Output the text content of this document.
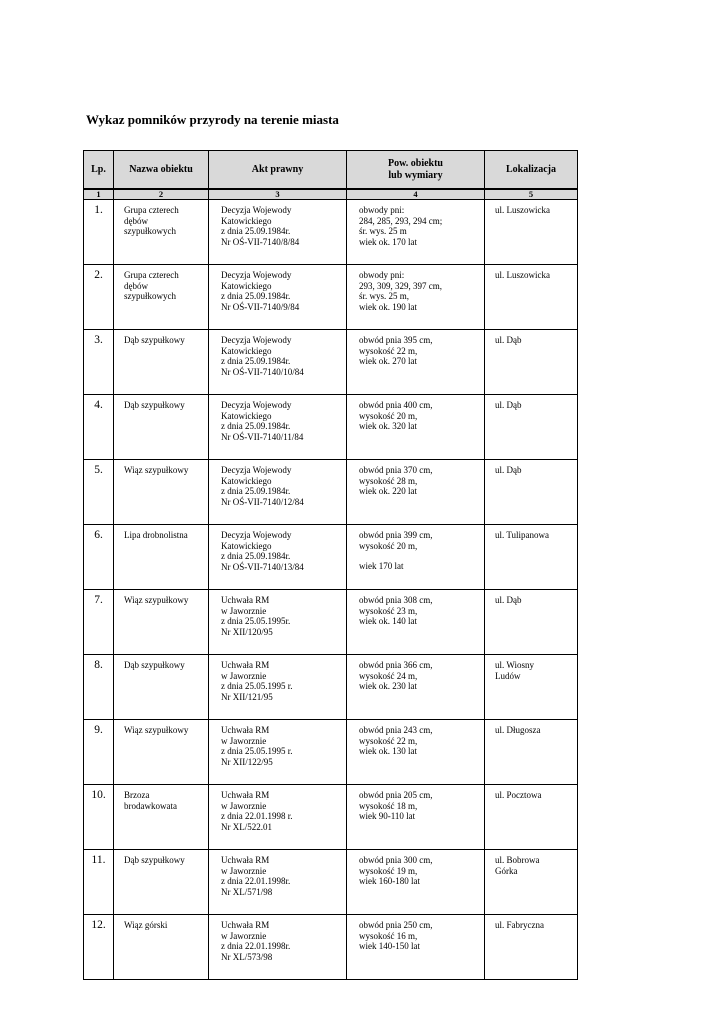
Wykaz pomników przyrody na terenie miasta
Lp.	Nazwa obiektu	Akt prawny	Pow. obiektu
lub wymiary	Lokalizacja
1	2	3	4	5
1.	Grupa czterech
dębów
szypułkowych	Decyzja Wojewody
Katowickiego
z dnia 25.09.1984r.
Nr OŚ-VII-7140/8/84	obwody pni:
284, 285, 293, 294 cm;
śr. wys. 25 m
wiek ok. 170 lat	ul. Luszowicka

2.	Grupa czterech
dębów
szypułkowych	Decyzja Wojewody
Katowickiego
z dnia 25.09.1984r.
Nr OŚ-VII-7140/9/84	obwody pni:
293, 309, 329, 397 cm,
śr. wys. 25 m,
wiek ok. 190 lat	ul. Luszowicka

3.	Dąb szypułkowy	Decyzja Wojewody
Katowickiego
z dnia 25.09.1984r.
Nr OŚ-VII-7140/10/84	obwód pnia 395 cm,
wysokość 22 m,
wiek ok. 270 lat	ul. Dąb

4.	Dąb szypułkowy	Decyzja Wojewody
Katowickiego
z dnia 25.09.1984r.
Nr OŚ-VII-7140/11/84	obwód pnia 400 cm,
wysokość 20 m,
wiek ok. 320 lat	ul. Dąb

5.	Wiąz szypułkowy	Decyzja Wojewody
Katowickiego
z dnia 25.09.1984r.
Nr OŚ-VII-7140/12/84	obwód pnia 370 cm,
wysokość 28 m,
wiek ok. 220 lat	ul. Dąb

6.	Lipa drobnolistna	Decyzja Wojewody
Katowickiego
z dnia 25.09.1984r.
Nr OŚ-VII-7140/13/84	obwód pnia 399 cm,
wysokość 20 m,
wiek 170 lat	ul. Tulipanowa

7.	Wiąz szypułkowy	Uchwała RM
w Jaworznie
z dnia 25.05.1995r.
Nr XII/120/95	obwód pnia 308 cm,
wysokość 23 m,
wiek ok. 140 lat	ul. Dąb

8.	Dąb szypułkowy	Uchwała RM
w Jaworznie
z dnia 25.05.1995 r.
Nr XII/121/95	obwód pnia 366 cm,
wysokość 24 m,
wiek ok. 230 lat	ul. Wiosny
Ludów

9.	Wiąz szypułkowy	Uchwała RM
w Jaworznie
z dnia 25.05.1995 r.
Nr XII/122/95	obwód pnia 243 cm,
wysokość 22 m,
wiek ok. 130 lat	ul. Długosza

10.	Brzoza
brodawkowata	Uchwała RM
w Jaworznie
z dnia 22.01.1998 r.
Nr XL/522.01	obwód pnia 205 cm,
wysokość 18 m,
wiek 90-110 lat	ul. Pocztowa

11.	Dąb szypułkowy	Uchwała RM
w Jaworznie
z dnia 22.01.1998r.
Nr XL/571/98	obwód pnia 300 cm,
wysokość 19 m,
wiek 160-180 lat	ul. Bobrowa
Górka

12.	Wiąz górski	Uchwała RM
w Jaworznie
z dnia 22.01.1998r.
Nr XL/573/98	obwód pnia 250 cm,
wysokość 16 m,
wiek 140-150 lat	ul. Fabryczna
